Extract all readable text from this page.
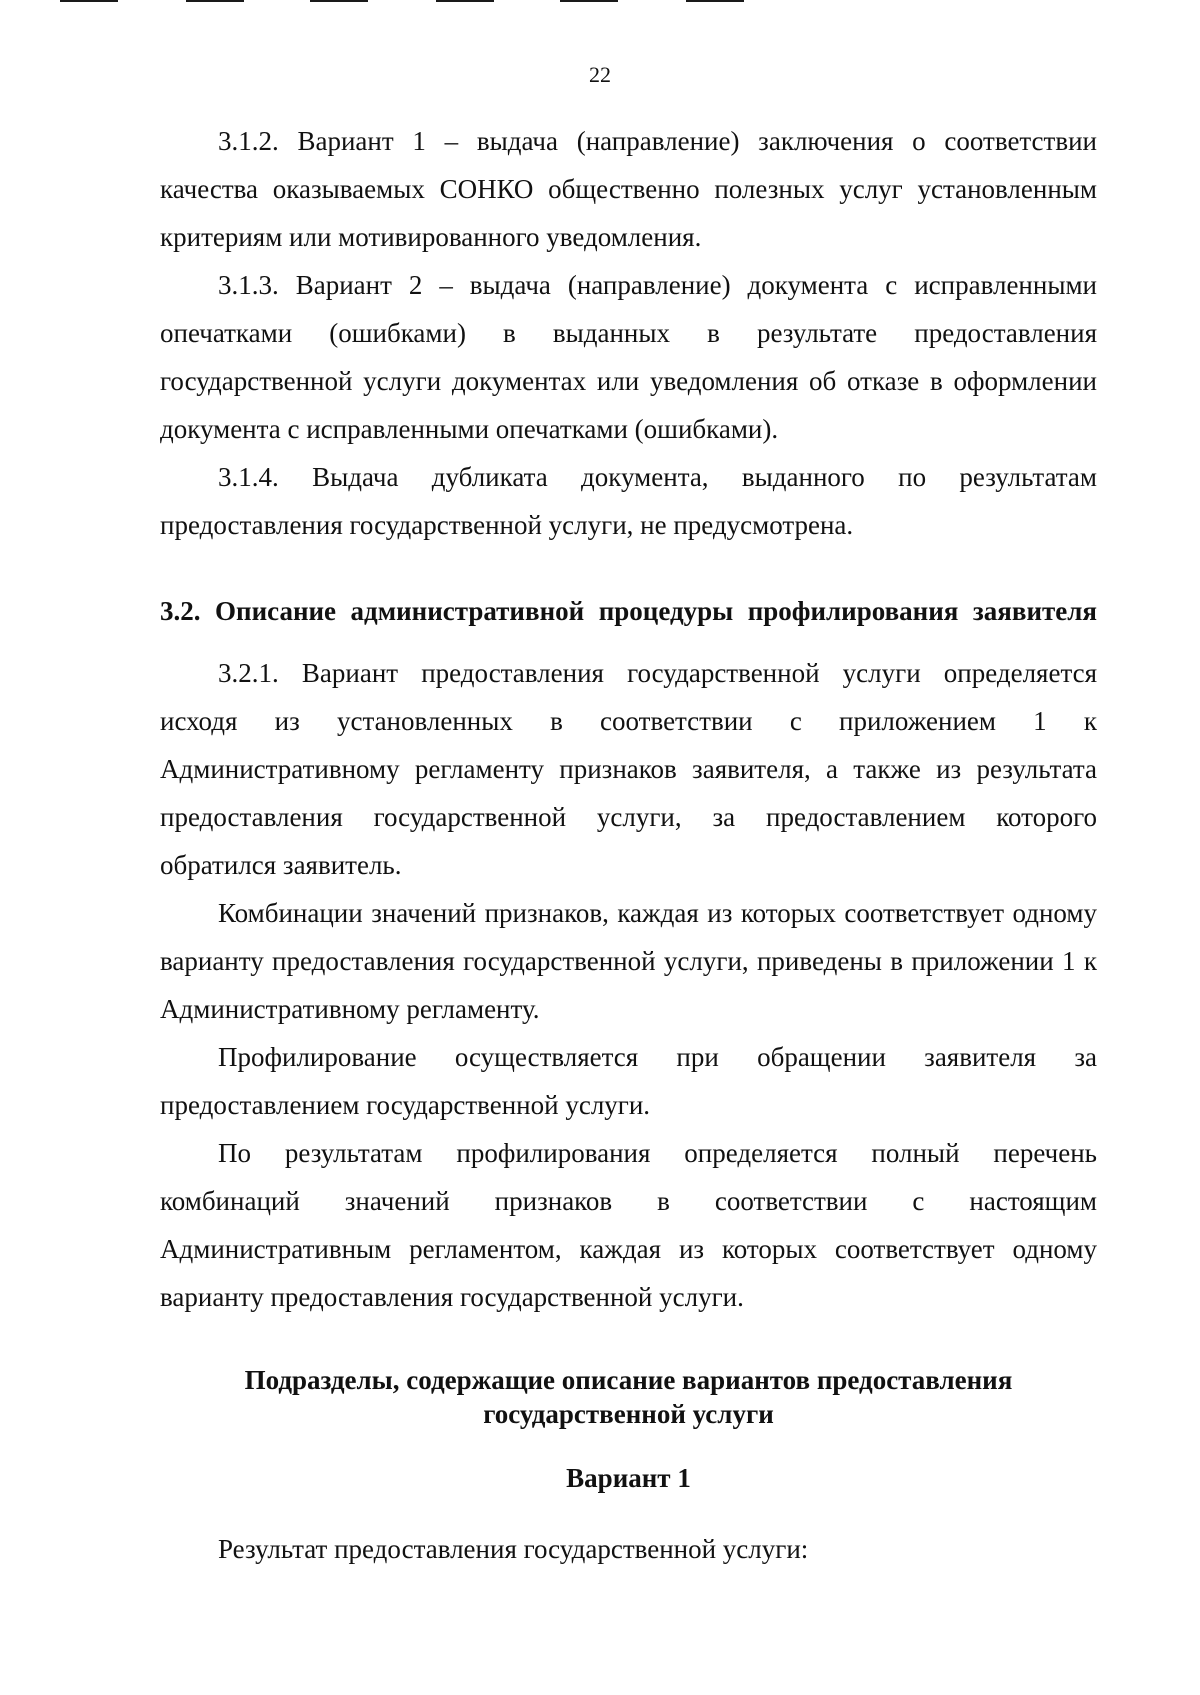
22

3.1.2. Вариант 1 – выдача (направление) заключения о соответствии качества оказываемых СОНКО общественно полезных услуг установленным критериям или мотивированного уведомления.

3.1.3. Вариант 2 – выдача (направление) документа с исправленными опечатками (ошибками) в выданных в результате предоставления государственной услуги документах или уведомления об отказе в оформлении документа с исправленными опечатками (ошибками).

3.1.4. Выдача дубликата документа, выданного по результатам предоставления государственной услуги, не предусмотрена.

3.2. Описание административной процедуры профилирования заявителя

3.2.1. Вариант предоставления государственной услуги определяется исходя из установленных в соответствии с приложением 1 к Административному регламенту признаков заявителя, а также из результата предоставления государственной услуги, за предоставлением которого обратился заявитель.

Комбинации значений признаков, каждая из которых соответствует одному варианту предоставления государственной услуги, приведены в приложении 1 к Административному регламенту.

Профилирование осуществляется при обращении заявителя за предоставлением государственной услуги.

По результатам профилирования определяется полный перечень комбинаций значений признаков в соответствии с настоящим Административным регламентом, каждая из которых соответствует одному варианту предоставления государственной услуги.

Подразделы, содержащие описание вариантов предоставления

государственной услуги

Вариант 1

Результат предоставления государственной услуги:
